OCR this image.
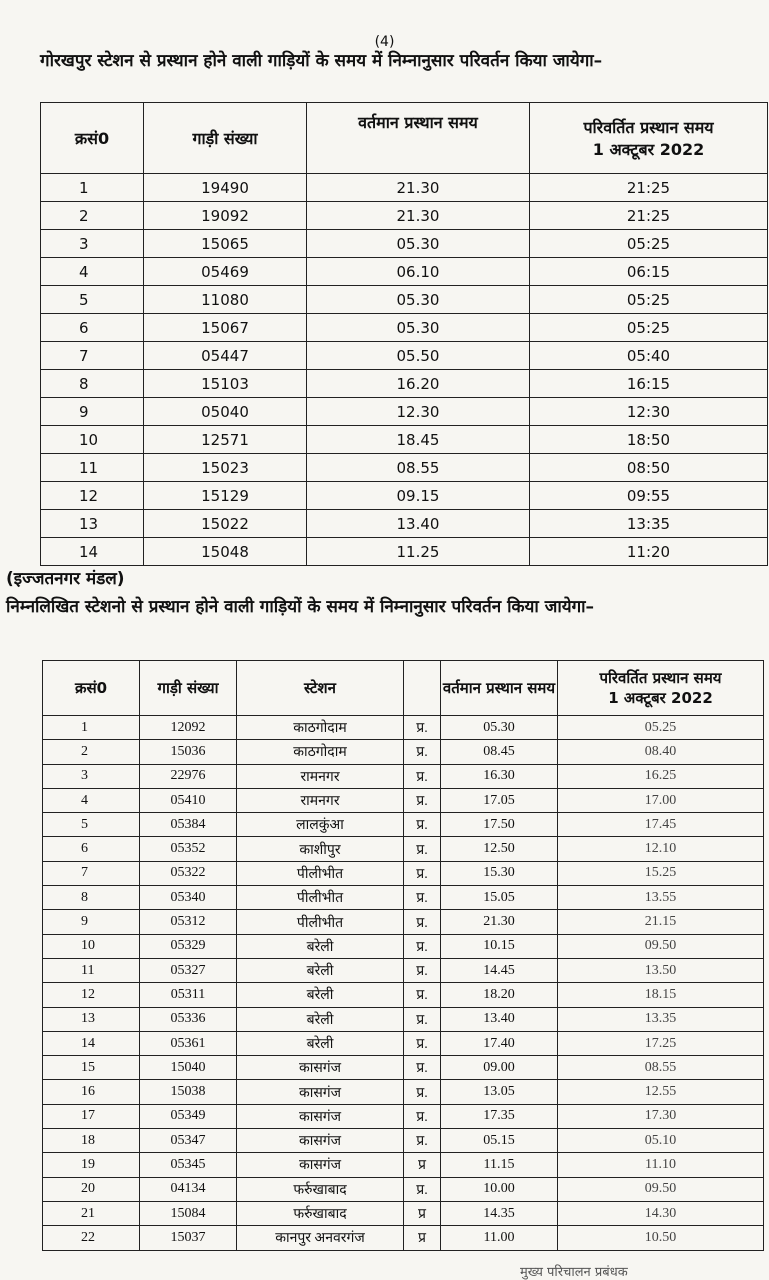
(4)
गोरखपुर स्टेशन से प्रस्थान होने वाली गाड़ियों के समय में निम्नानुसार परिवर्तन किया जायेगा–
क्रसं0	गाड़ी संख्या	वर्तमान प्रस्थान समय	परिवर्तित प्रस्थान समय
1 अक्टूबर 2022

1	19490	21.30	21:25
2	19092	21.30	21:25
3	15065	05.30	05:25
4	05469	06.10	06:15
5	11080	05.30	05:25
6	15067	05.30	05:25
7	05447	05.50	05:40
8	15103	16.20	16:15
9	05040	12.30	12:30
10	12571	18.45	18:50
11	15023	08.55	08:50
12	15129	09.15	09:55
13	15022	13.40	13:35
14	15048	11.25	11:20
(इज्जतनगर मंडल)
निम्नलिखित स्टेशनो से प्रस्थान होने वाली गाड़ियों के समय में निम्नानुसार परिवर्तन किया जायेगा–
क्रसं0	गाड़ी संख्या	स्टेशन		वर्तमान प्रस्थान समय	परिवर्तित प्रस्थान समय
1 अक्टूबर 2022

1	12092	काठगोदाम	प्र.	05.30	05.25
2	15036	काठगोदाम	प्र.	08.45	08.40
3	22976	रामनगर	प्र.	16.30	16.25
4	05410	रामनगर	प्र.	17.05	17.00
5	05384	लालकुंआ	प्र.	17.50	17.45
6	05352	काशीपुर	प्र.	12.50	12.10
7	05322	पीलीभीत	प्र.	15.30	15.25
8	05340	पीलीभीत	प्र.	15.05	13.55
9	05312	पीलीभीत	प्र.	21.30	21.15
10	05329	बरेली	प्र.	10.15	09.50
11	05327	बरेली	प्र.	14.45	13.50
12	05311	बरेली	प्र.	18.20	18.15
13	05336	बरेली	प्र.	13.40	13.35
14	05361	बरेली	प्र.	17.40	17.25
15	15040	कासगंज	प्र.	09.00	08.55
16	15038	कासगंज	प्र.	13.05	12.55
17	05349	कासगंज	प्र.	17.35	17.30
18	05347	कासगंज	प्र.	05.15	05.10
19	05345	कासगंज	प्र	11.15	11.10
20	04134	फर्रुखाबाद	प्र.	10.00	09.50
21	15084	फर्रुखाबाद	प्र	14.35	14.30
22	15037	कानपुर अनवरगंज	प्र	11.00	10.50
मुख्य परिचालन प्रबंधक
